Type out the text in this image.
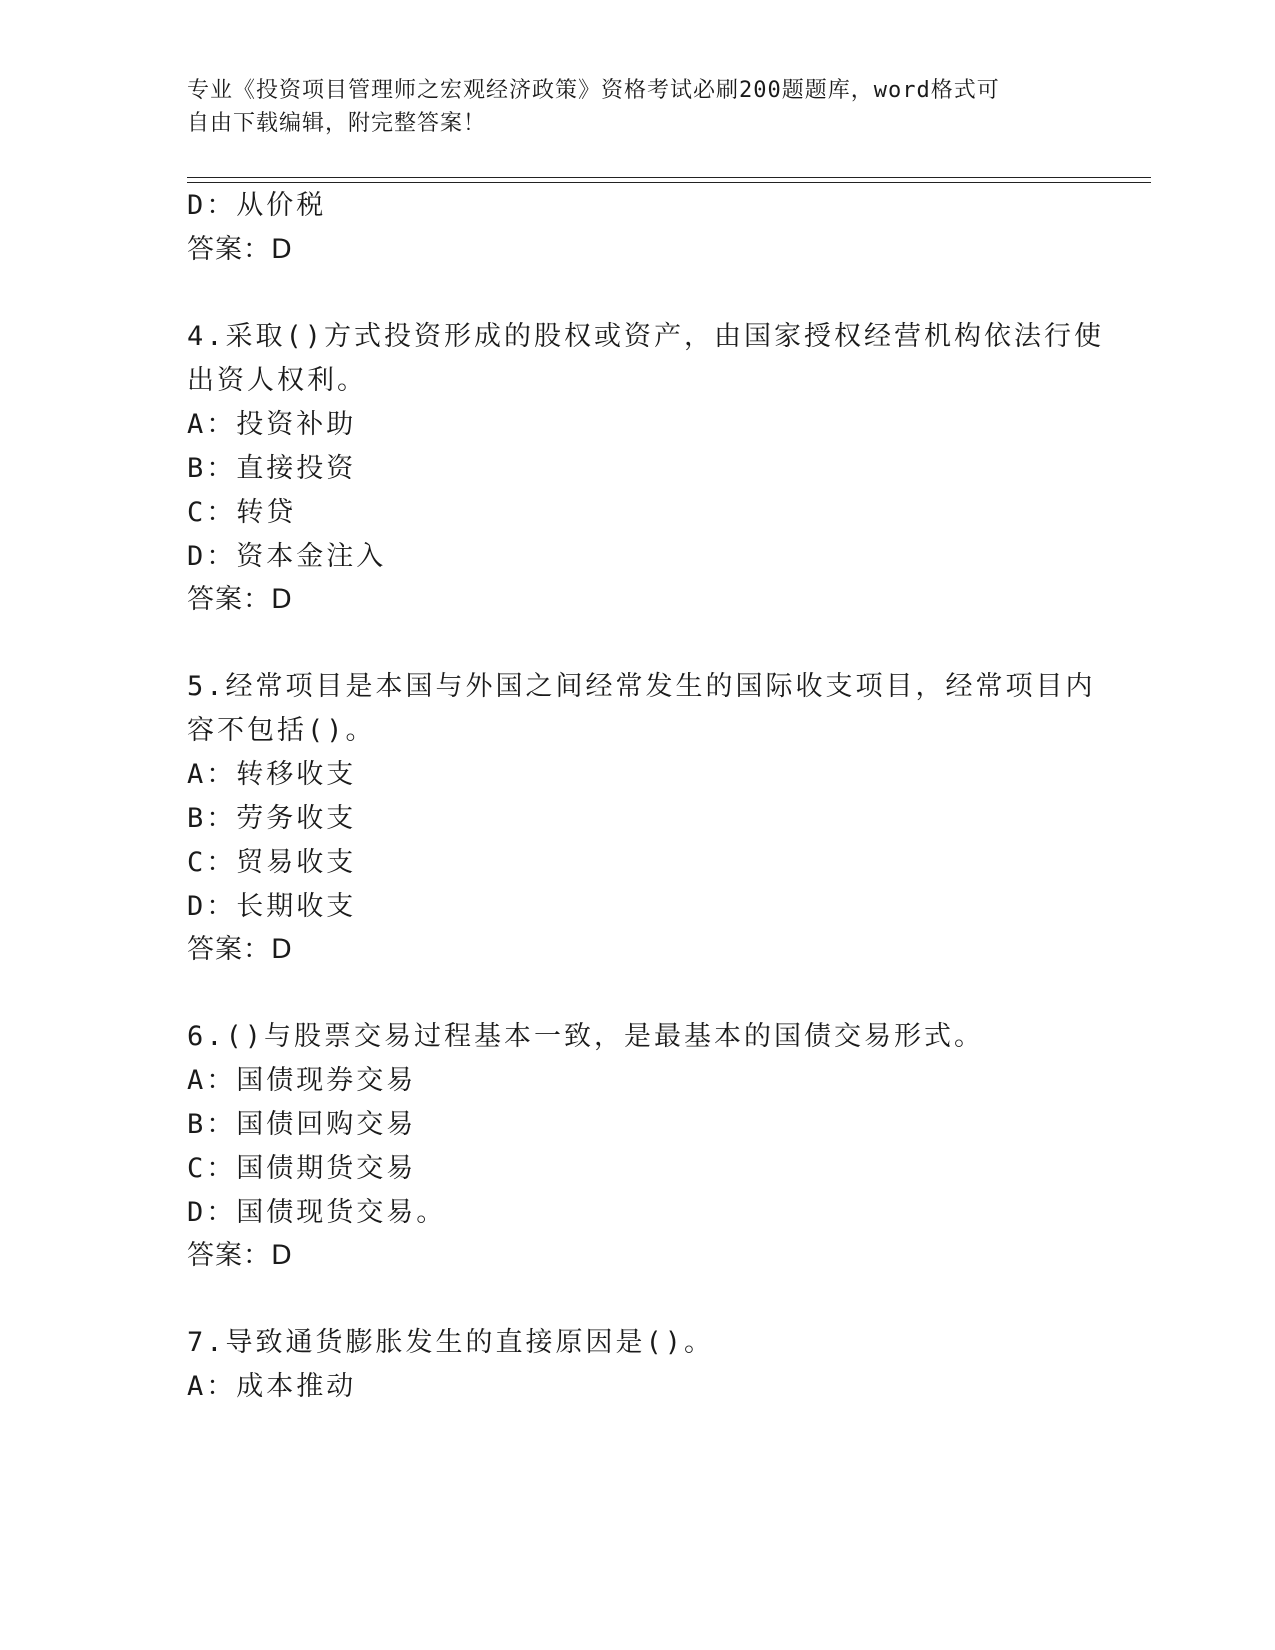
专业《投资项目管理师之宏观经济政策》资格考试必刷200题题库，word格式可
自由下载编辑，附完整答案！
D：从价税
答案：D
4.采取()方式投资形成的股权或资产，由国家授权经营机构依法行使
出资人权利。
A：投资补助
B：直接投资
C：转贷
D：资本金注入
答案：D
5.经常项目是本国与外国之间经常发生的国际收支项目，经常项目内
容不包括()。
A：转移收支
B：劳务收支
C：贸易收支
D：长期收支
答案：D
6.()与股票交易过程基本一致，是最基本的国债交易形式。
A：国债现券交易
B：国债回购交易
C：国债期货交易
D：国债现货交易。
答案：D
7.导致通货膨胀发生的直接原因是()。
A：成本推动
